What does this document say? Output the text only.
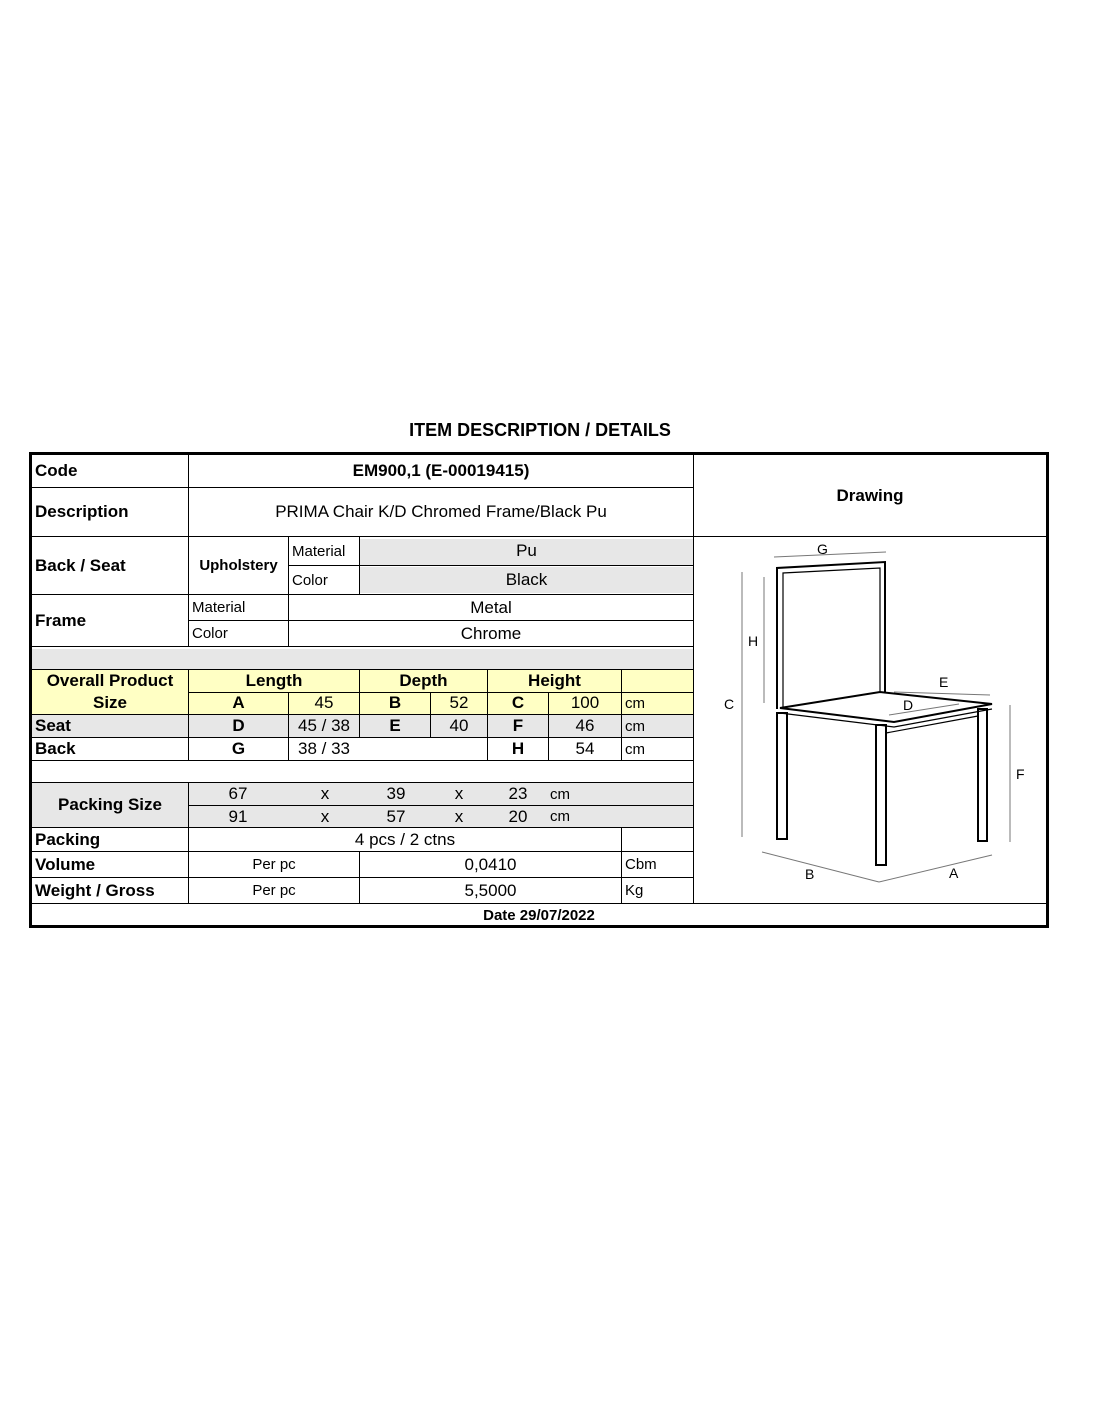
ITEM DESCRIPTION / DETAILS
Code	EM900,1 (E-00019415)
Description	PRIMA Chair K/D Chromed Frame/Black Pu
Drawing
Back / Seat	Upholstery
Material	Pu
Color	Black
Frame
Material	Metal
Color	Chrome
Overall Product
Size
Length	Depth	Height
A	45	B	52	C	100	cm
Seat	D	45 / 38	E	40	F	46	cm
Back	G	38 / 33	H	54	cm
Packing Size
67	x	39	x	23	cm
91	x	57	x	20	cm
Packing	4 pcs / 2 ctns
Volume	Per pc	0,0410	Cbm
Weight / Gross	Per pc	5,5000	Kg
Date 29/07/2022
G
H
C
E
D
F
B	A
